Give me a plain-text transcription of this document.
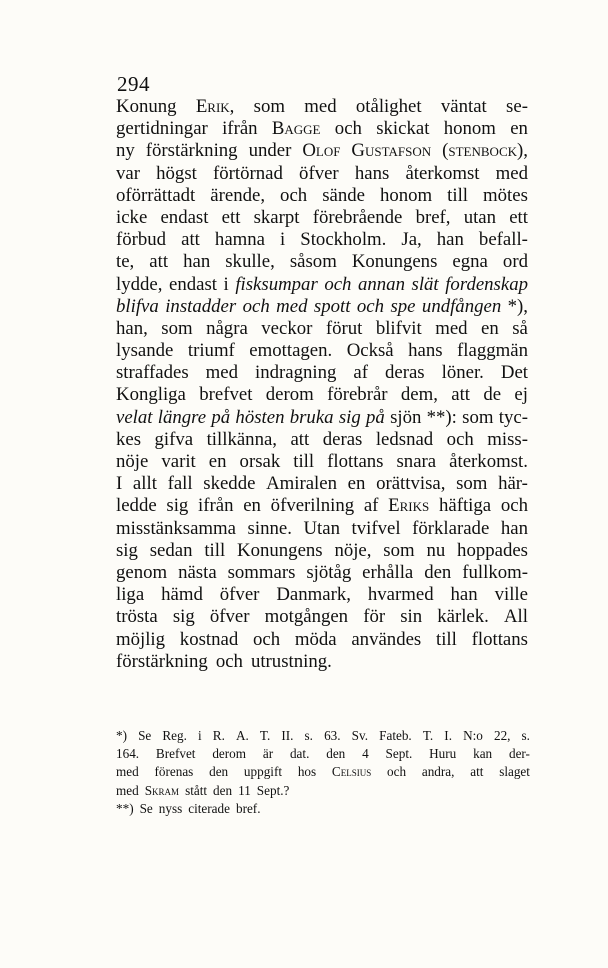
294
Konung Erik, som med otålighet väntat se-
gertidningar ifrån Bagge och skickat honom en
ny förstärkning under Olof Gustafson (stenbock),
var högst förtörnad öfver hans återkomst med
oförrättadt ärende, och sände honom till mötes
icke endast ett skarpt förebrående bref, utan ett
förbud att hamna i Stockholm. Ja, han befall-
te, att han skulle, såsom Konungens egna ord
lydde, endast i fisksumpar och annan slät fordenskap
blifva instadder och med spott och spe undfången *),
han, som några veckor förut blifvit med en så
lysande triumf emottagen. Också hans flaggmän
straffades med indragning af deras löner. Det
Kongliga brefvet derom förebrår dem, att de ej
velat längre på hösten bruka sig på sjön **): som tyc-
kes gifva tillkänna, att deras ledsnad och miss-
nöje varit en orsak till flottans snara återkomst.
I allt fall skedde Amiralen en orättvisa, som här-
ledde sig ifrån en öfverilning af Eriks häftiga och
misstänksamma sinne. Utan tvifvel förklarade han
sig sedan till Konungens nöje, som nu hoppades
genom nästa sommars sjötåg erhålla den fullkom-
liga hämd öfver Danmark, hvarmed han ville
trösta sig öfver motgången för sin kärlek. All
möjlig kostnad och möda användes till flottans
förstärkning och utrustning.
*) Se Reg. i R. A. T. II. s. 63. Sv. Fateb. T. I. N:o 22, s.
164. Brefvet derom är dat. den 4 Sept. Huru kan der-
med förenas den uppgift hos Celsius och andra, att slaget
med Skram stått den 11 Sept.?
**) Se nyss citerade bref.
